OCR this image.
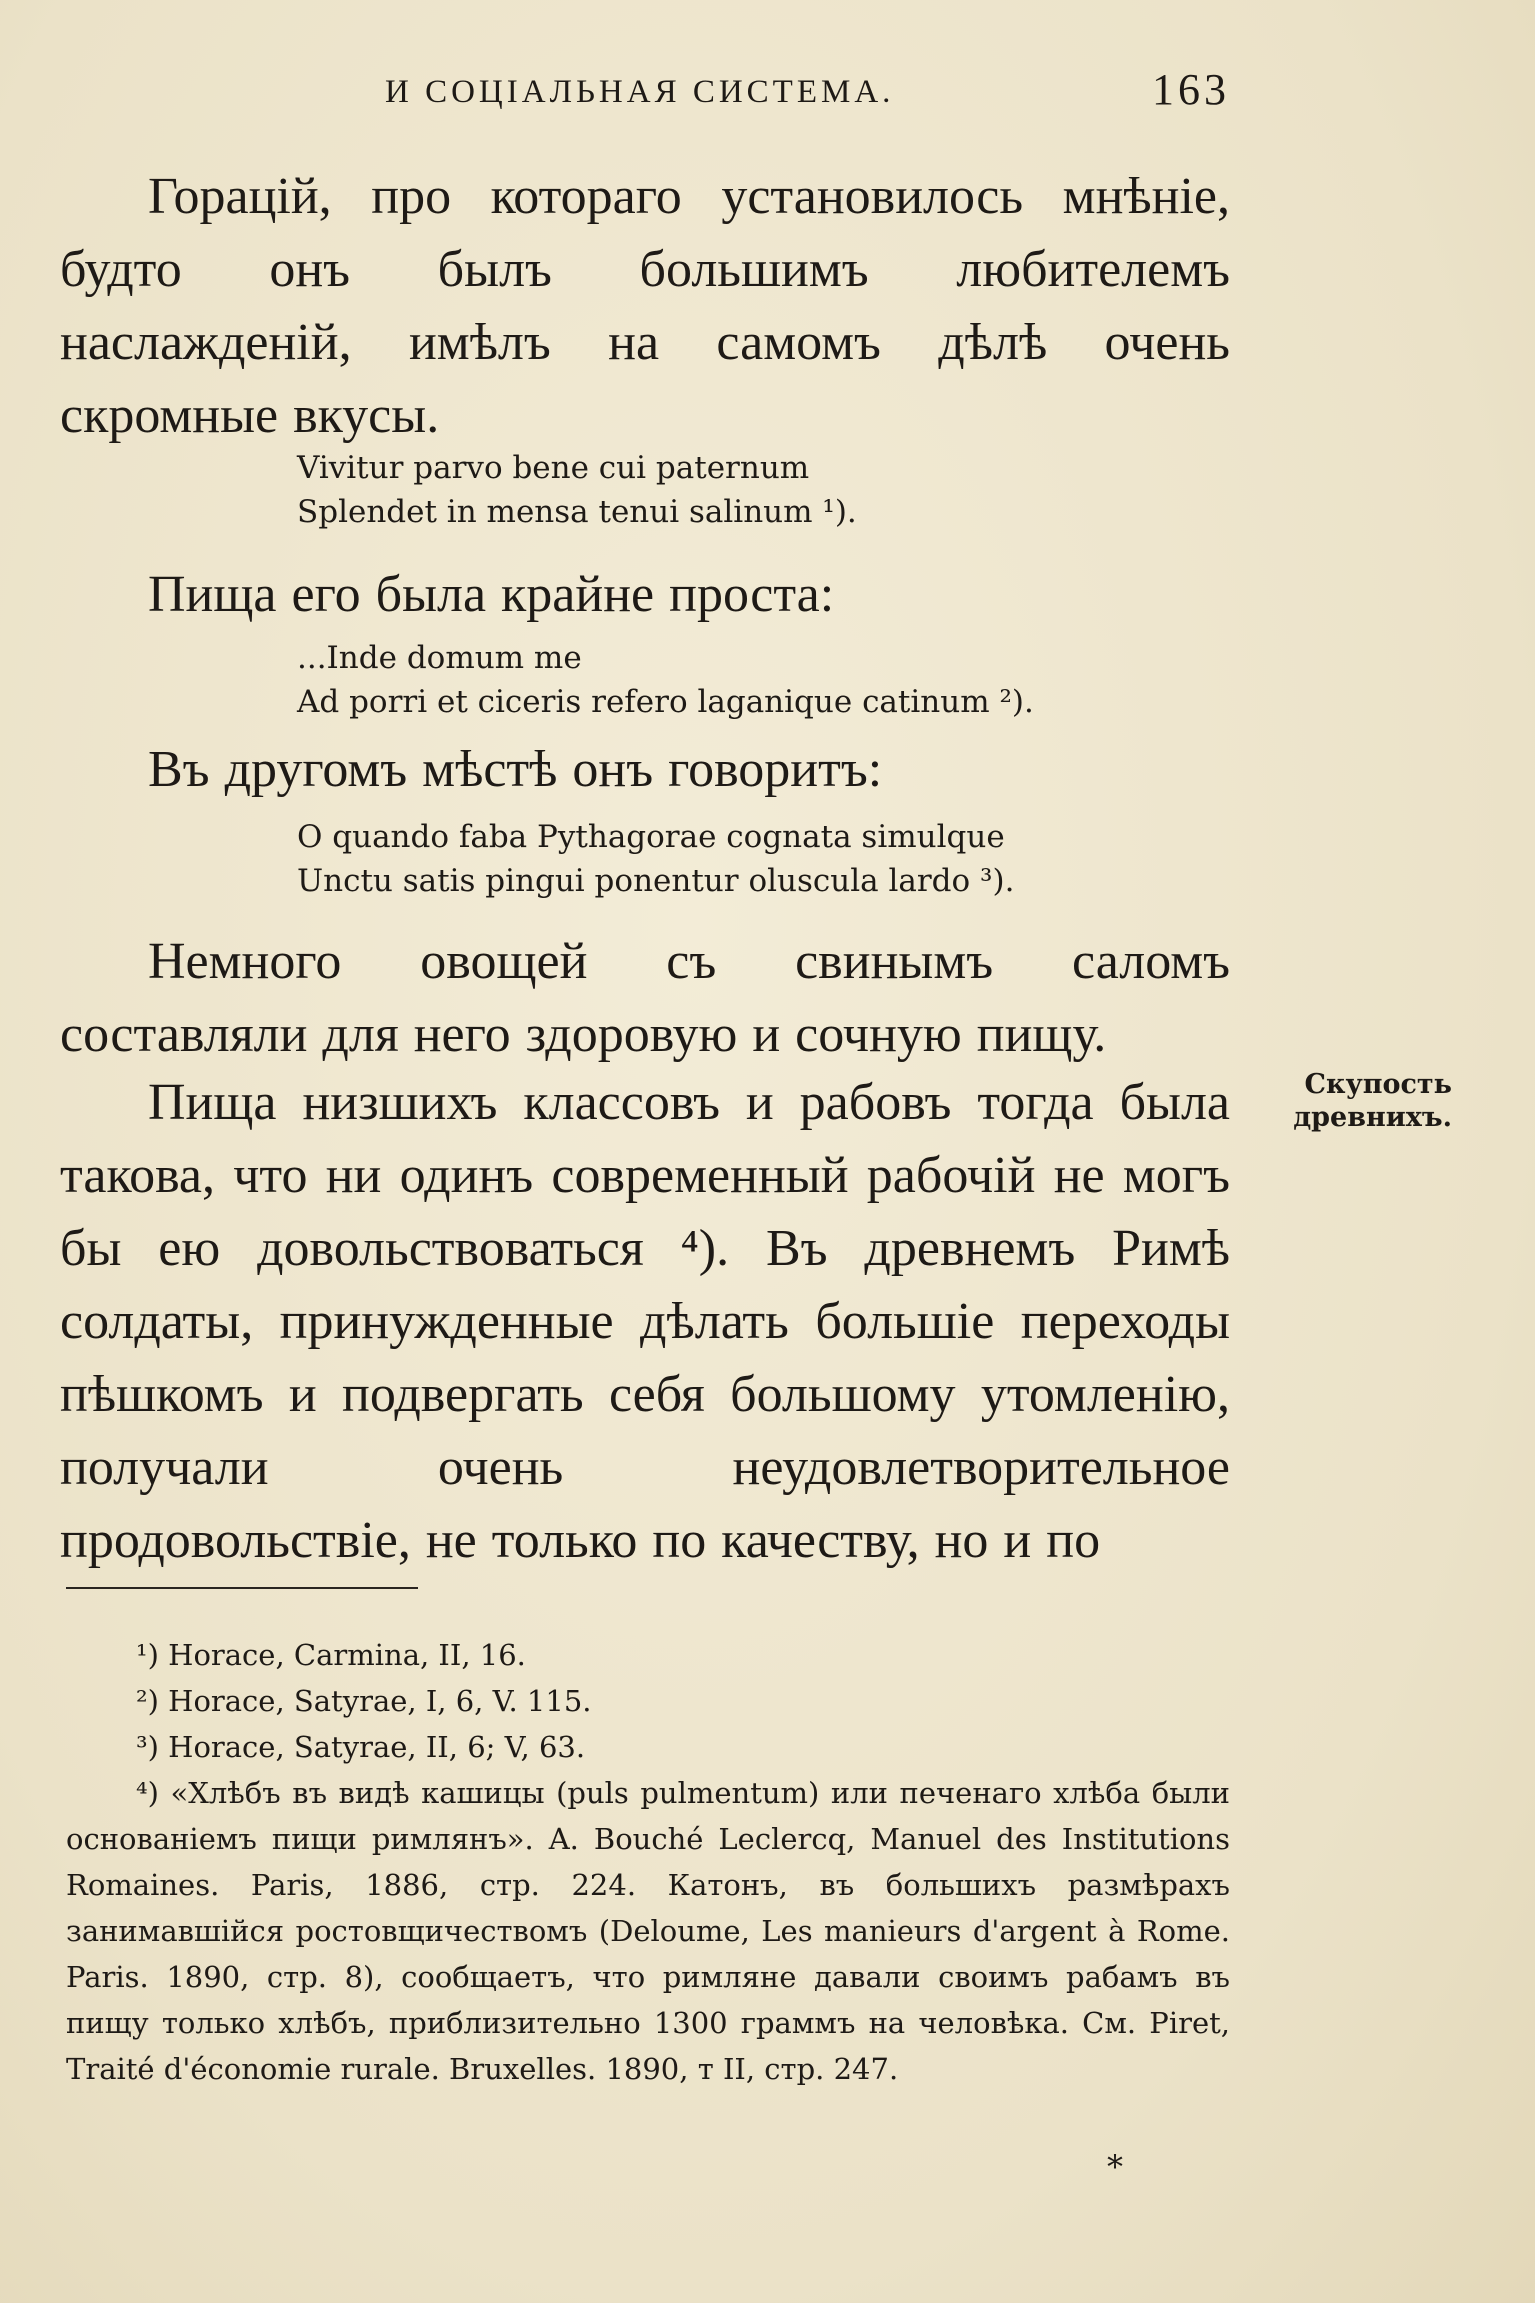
И СОЦІАЛЬНАЯ СИСТЕМА.	163
Горацій, про котораго установилось мнѣніе, будто онъ былъ большимъ любителемъ наслажденій, имѣлъ на самомъ дѣлѣ очень скромные вкусы.
Vivitur parvo bene cui paternum
Splendet in mensa tenui salinum ¹).
Пища его была крайне проста:
...Inde domum me
Ad porri et ciceris refero laganique catinum ²).
Въ другомъ мѣстѣ онъ говоритъ:
O quando faba Pythagorae cognata simulque
Unctu satis pingui ponentur oluscula lardo ³).
Немного овощей съ свинымъ саломъ составляли для него здоровую и сочную пищу.
Пища низшихъ классовъ и рабовъ тогда была такова, что ни одинъ современный рабочій не могъ бы ею довольствоваться ⁴). Въ древнемъ Римѣ солдаты, принужденные дѣлать большіе переходы пѣшкомъ и подвергать себя большому утомленію, получали очень неудовлетворительное продовольствіе, не только по качеству, но и по
Скупость древнихъ.
¹) Horace, Carmina, II, 16.
²) Horace, Satyrae, I, 6, V. 115.
³) Horace, Satyrae, II, 6; V, 63.
⁴) «Хлѣбъ въ видѣ кашицы (puls pulmentum) или печенаго хлѣба были основаніемъ пищи римлянъ». A. Bouché Leclercq, Manuel des Institutions Romaines. Paris, 1886, стр. 224. Катонъ, въ большихъ размѣрахъ занимавшійся ростовщичествомъ (Deloume, Les manieurs d'argent à Rome. Paris. 1890, стр. 8), сообщаетъ, что римляне давали своимъ рабамъ въ пищу только хлѣбъ, приблизительно 1300 граммъ на человѣка. См. Piret, Traité d'économie rurale. Bruxelles. 1890, т II, стр. 247.
*
